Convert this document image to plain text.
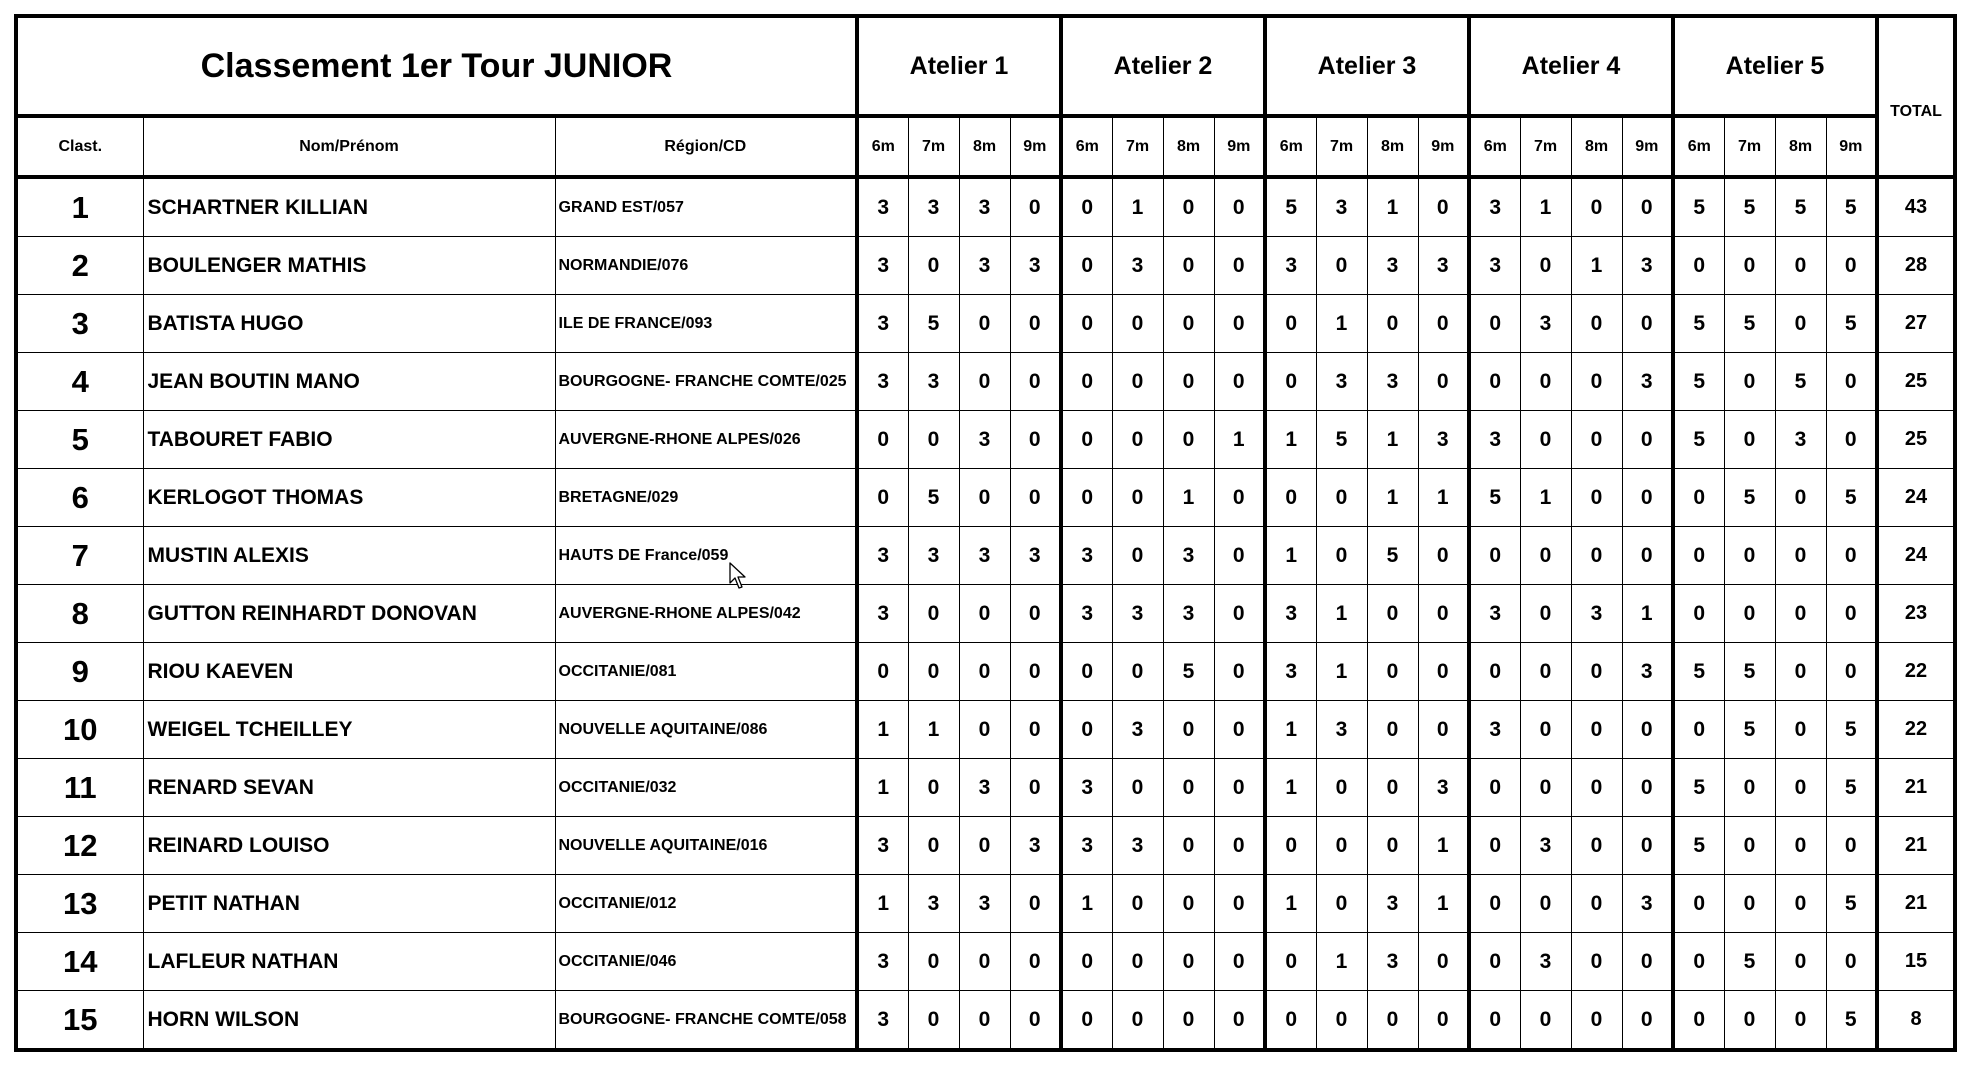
Classement 1er Tour JUNIOR			Atelier 1				Atelier 2				Atelier 3				Atelier 4				Atelier 5				TOTAL
Clast.	Nom/Prénom	Région/CD	6m	7m	8m	9m	6m	7m	8m	9m	6m	7m	8m	9m	6m	7m	8m	9m	6m	7m	8m	9m	
1	SCHARTNER KILLIAN	GRAND EST/057	3	3	3	0	0	1	0	0	5	3	1	0	3	1	0	0	5	5	5	5	43
2	BOULENGER MATHIS	NORMANDIE/076	3	0	3	3	0	3	0	0	3	0	3	3	3	0	1	3	0	0	0	0	28
3	BATISTA HUGO	ILE DE FRANCE/093	3	5	0	0	0	0	0	0	0	1	0	0	0	3	0	0	5	5	0	5	27
4	JEAN BOUTIN MANO	BOURGOGNE- FRANCHE COMTE/025	3	3	0	0	0	0	0	0	0	3	3	0	0	0	0	3	5	0	5	0	25
5	TABOURET FABIO	AUVERGNE-RHONE ALPES/026	0	0	3	0	0	0	0	1	1	5	1	3	3	0	0	0	5	0	3	0	25
6	KERLOGOT THOMAS	BRETAGNE/029	0	5	0	0	0	0	1	0	0	0	1	1	5	1	0	0	0	5	0	5	24
7	MUSTIN ALEXIS	HAUTS DE France/059	3	3	3	3	3	0	3	0	1	0	5	0	0	0	0	0	0	0	0	0	24
8	GUTTON REINHARDT DONOVAN	AUVERGNE-RHONE ALPES/042	3	0	0	0	3	3	3	0	3	1	0	0	3	0	3	1	0	0	0	0	23
9	RIOU KAEVEN	OCCITANIE/081	0	0	0	0	0	0	5	0	3	1	0	0	0	0	0	3	5	5	0	0	22
10	WEIGEL TCHEILLEY	NOUVELLE AQUITAINE/086	1	1	0	0	0	3	0	0	1	3	0	0	3	0	0	0	0	5	0	5	22
11	RENARD SEVAN	OCCITANIE/032	1	0	3	0	3	0	0	0	1	0	0	3	0	0	0	0	5	0	0	5	21
12	REINARD LOUISO	NOUVELLE AQUITAINE/016	3	0	0	3	3	3	0	0	0	0	0	1	0	3	0	0	5	0	0	0	21
13	PETIT NATHAN	OCCITANIE/012	1	3	3	0	1	0	0	0	1	0	3	1	0	0	0	3	0	0	0	5	21
14	LAFLEUR NATHAN	OCCITANIE/046	3	0	0	0	0	0	0	0	0	1	3	0	0	3	0	0	0	5	0	0	15
15	HORN WILSON	BOURGOGNE- FRANCHE COMTE/058	3	0	0	0	0	0	0	0	0	0	0	0	0	0	0	0	0	0	0	5	8
